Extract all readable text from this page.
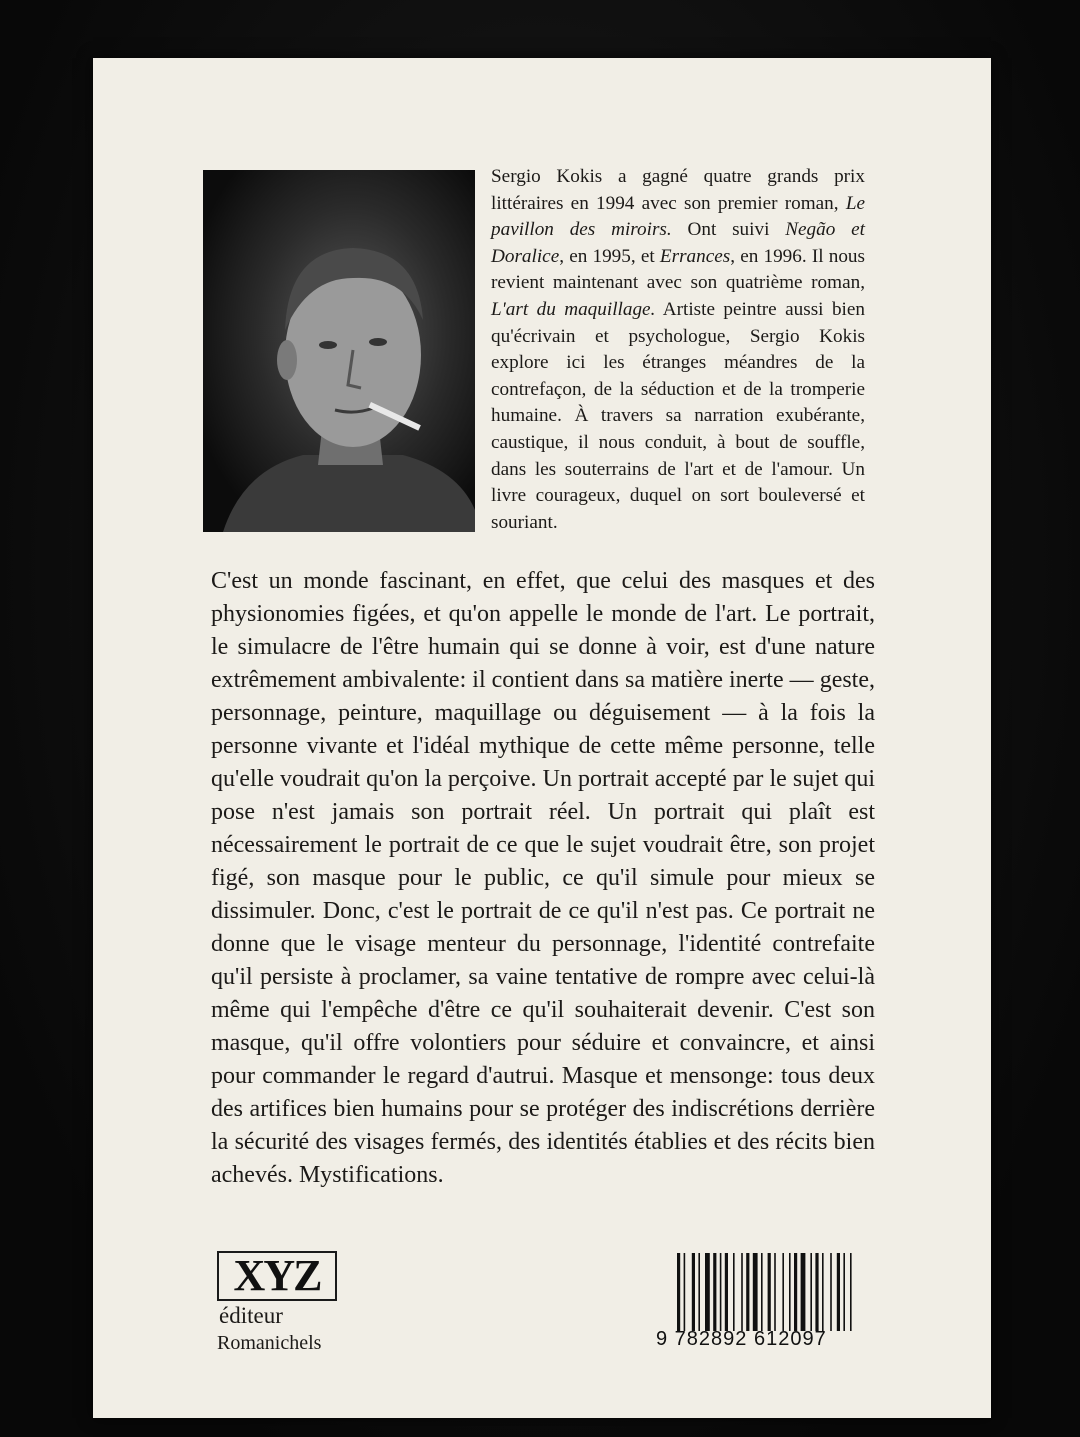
Sergio Kokis a gagné quatre grands prix littéraires en 1994 avec son premier roman, Le pavillon des miroirs. Ont suivi Negão et Doralice, en 1995, et Errances, en 1996. Il nous revient maintenant avec son quatrième roman, L'art du maquillage. Artiste peintre aussi bien qu'écrivain et psychologue, Sergio Kokis explore ici les étranges méandres de la contrefaçon, de la séduction et de la tromperie humaine. À travers sa narration exubérante, caustique, il nous conduit, à bout de souffle, dans les souterrains de l'art et de l'amour. Un livre courageux, duquel on sort bouleversé et souriant.

C'est un monde fascinant, en effet, que celui des masques et des physionomies figées, et qu'on appelle le monde de l'art. Le portrait, le simulacre de l'être humain qui se donne à voir, est d'une nature extrêmement ambivalente: il contient dans sa matière inerte — geste, personnage, peinture, maquillage ou déguisement — à la fois la personne vivante et l'idéal mythique de cette même personne, telle qu'elle voudrait qu'on la perçoive. Un portrait accepté par le sujet qui pose n'est jamais son portrait réel. Un portrait qui plaît est nécessairement le portrait de ce que le sujet voudrait être, son projet figé, son masque pour le public, ce qu'il simule pour mieux se dissimuler. Donc, c'est le portrait de ce qu'il n'est pas. Ce portrait ne donne que le visage menteur du personnage, l'identité contrefaite qu'il persiste à proclamer, sa vaine tentative de rompre avec celui-là même qui l'empêche d'être ce qu'il souhaiterait devenir. C'est son masque, qu'il offre volontiers pour séduire et convaincre, et ainsi pour commander le regard d'autrui. Masque et mensonge: tous deux des artifices bien humains pour se protéger des indiscrétions derrière la sécurité des visages fermés, des identités établies et des récits bien achevés. Mystifications.

XYZ
éditeur
Romanichels	9 782892 612097
